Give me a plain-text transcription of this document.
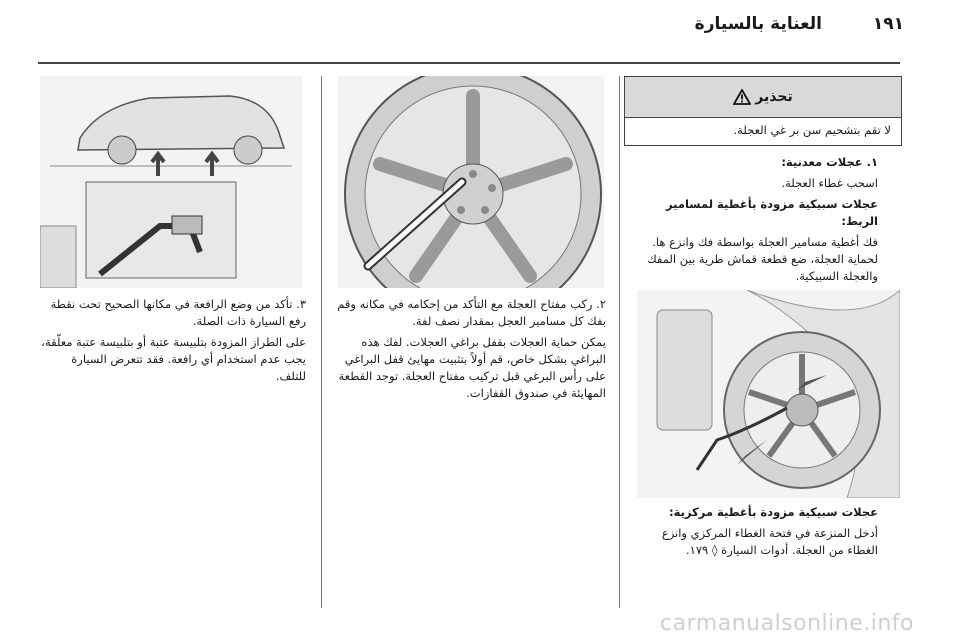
١٩١
العناية بالسيارة
تحذير
لا تقم بتشحيم سن بر غي العجلة.

١. عجلات معدنية:

اسحب غطاء العجلة.

عجلات سبيكية مزودة بأغطية لمسامير الربط:

فك أغطية مسامير العجلة بواسطة فك وانزع ها. لحماية العجلة، ضع قطعة قماش طرية بين المفك والعجلة السبيكية.

عجلات سبيكية مزودة بأغطية مركزية:

أدخل المنزعة في فتحة الغطاء المركزي وانزع الغطاء من العجلة. أدوات السيارة ◊ ١٧٩.

٢. ركب مفتاح العجلة مع التأكد من إحكامه في مكانه وقم بفك كل مسامير العجل بمقدار نصف لفة.

يمكن حماية العجلات بقفل براغي العجلات. لفك هذه البراغي بشكل خاص، قم أولاً بتثبيت مهايئ قفل البراغي على رأس البرغي قبل تركيب مفتاح العجلة. توجد القطعة المهايئة في صندوق القفازات.

٣. تأكد من وضع الرافعة في مكانها الصحيح تحت نقطة رفع السيارة ذات الصلة.

على الطراز المزودة بتلبيسة عتبة أو بتلبيسة عتبة معلّقة، يجب عدم استخدام أي رافعة. فقد تتعرض السيارة للتلف.

carmanualsonline.info
